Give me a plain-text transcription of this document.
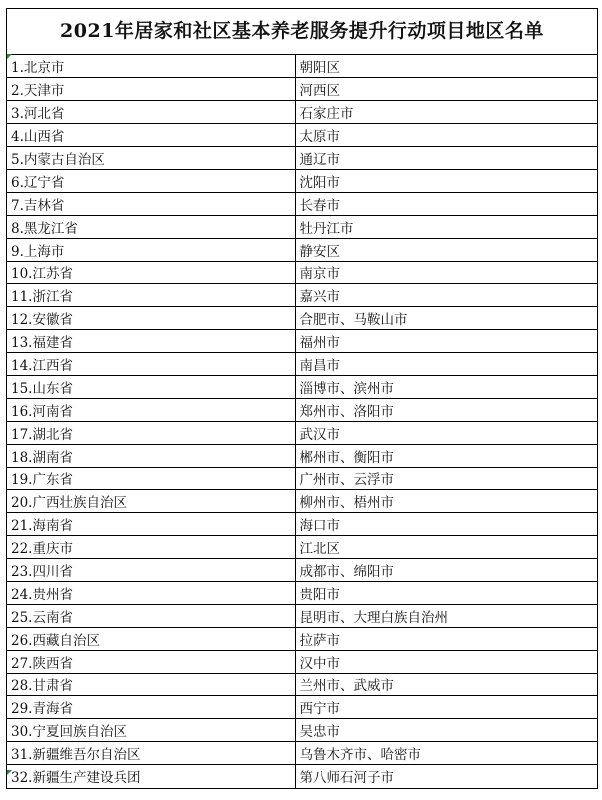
2021年居家和社区基本养老服务提升行动项目地区名单
1.北京市	朝阳区
2.天津市	河西区
3.河北省	石家庄市
4.山西省	太原市
5.内蒙古自治区	通辽市
6.辽宁省	沈阳市
7.吉林省	长春市
8.黑龙江省	牡丹江市
9.上海市	静安区
10.江苏省	南京市
11.浙江省	嘉兴市
12.安徽省	合肥市、马鞍山市
13.福建省	福州市
14.江西省	南昌市
15.山东省	淄博市、滨州市
16.河南省	郑州市、洛阳市
17.湖北省	武汉市
18.湖南省	郴州市、衡阳市
19.广东省	广州市、云浮市
20.广西壮族自治区	柳州市、梧州市
21.海南省	海口市
22.重庆市	江北区
23.四川省	成都市、绵阳市
24.贵州省	贵阳市
25.云南省	昆明市、大理白族自治州
26.西藏自治区	拉萨市
27.陕西省	汉中市
28.甘肃省	兰州市、武威市
29.青海省	西宁市
30.宁夏回族自治区	吴忠市
31.新疆维吾尔自治区	乌鲁木齐市、哈密市
32.新疆生产建设兵团	第八师石河子市
